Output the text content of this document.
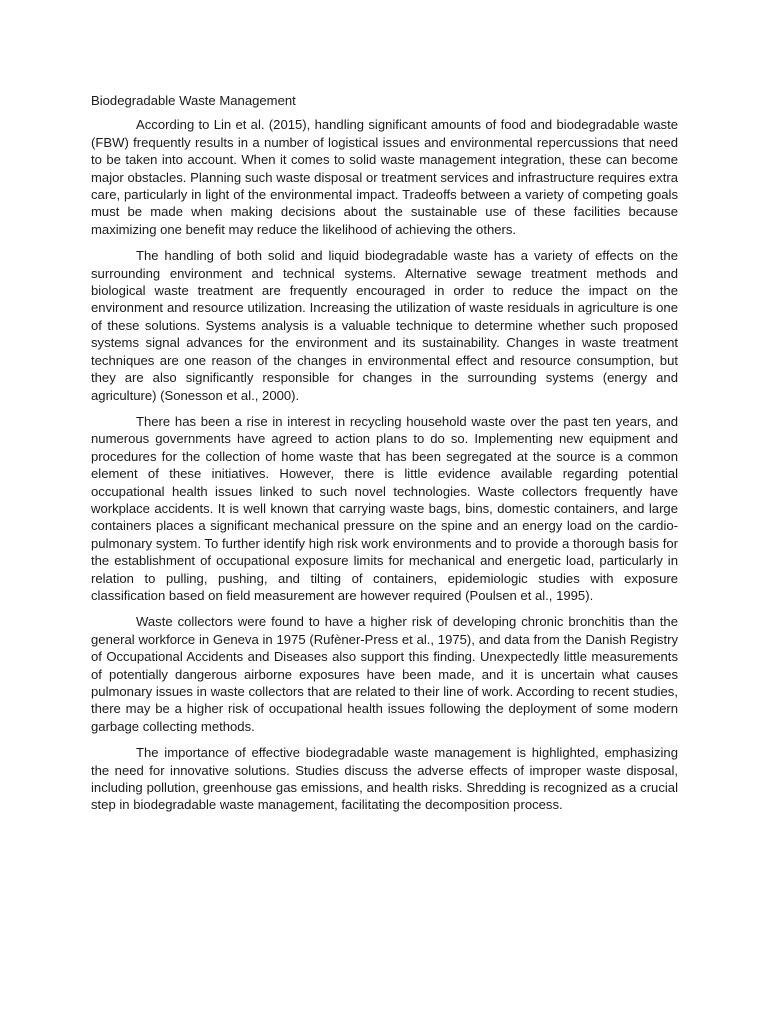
Biodegradable Waste Management

According to Lin et al. (2015), handling significant amounts of food and biodegradable waste (FBW) frequently results in a number of logistical issues and environmental repercussions that need to be taken into account. When it comes to solid waste management integration, these can become major obstacles. Planning such waste disposal or treatment services and infrastructure requires extra care, particularly in light of the environmental impact. Tradeoffs between a variety of competing goals must be made when making decisions about the sustainable use of these facilities because maximizing one benefit may reduce the likelihood of achieving the others.

The handling of both solid and liquid biodegradable waste has a variety of effects on the surrounding environment and technical systems. Alternative sewage treatment methods and biological waste treatment are frequently encouraged in order to reduce the impact on the environment and resource utilization. Increasing the utilization of waste residuals in agriculture is one of these solutions. Systems analysis is a valuable technique to determine whether such proposed systems signal advances for the environment and its sustainability. Changes in waste treatment techniques are one reason of the changes in environmental effect and resource consumption, but they are also significantly responsible for changes in the surrounding systems (energy and agriculture) (Sonesson et al., 2000).

There has been a rise in interest in recycling household waste over the past ten years, and numerous governments have agreed to action plans to do so. Implementing new equipment and procedures for the collection of home waste that has been segregated at the source is a common element of these initiatives. However, there is little evidence available regarding potential occupational health issues linked to such novel technologies. Waste collectors frequently have workplace accidents. It is well known that carrying waste bags, bins, domestic containers, and large containers places a significant mechanical pressure on the spine and an energy load on the cardio-pulmonary system. To further identify high risk work environments and to provide a thorough basis for the establishment of occupational exposure limits for mechanical and energetic load, particularly in relation to pulling, pushing, and tilting of containers, epidemiologic studies with exposure classification based on field measurement are however required (Poulsen et al., 1995).

Waste collectors were found to have a higher risk of developing chronic bronchitis than the general workforce in Geneva in 1975 (Rufèner-Press et al., 1975), and data from the Danish Registry of Occupational Accidents and Diseases also support this finding. Unexpectedly little measurements of potentially dangerous airborne exposures have been made, and it is uncertain what causes pulmonary issues in waste collectors that are related to their line of work. According to recent studies, there may be a higher risk of occupational health issues following the deployment of some modern garbage collecting methods.

The importance of effective biodegradable waste management is highlighted, emphasizing the need for innovative solutions. Studies discuss the adverse effects of improper waste disposal, including pollution, greenhouse gas emissions, and health risks. Shredding is recognized as a crucial step in biodegradable waste management, facilitating the decomposition process.
